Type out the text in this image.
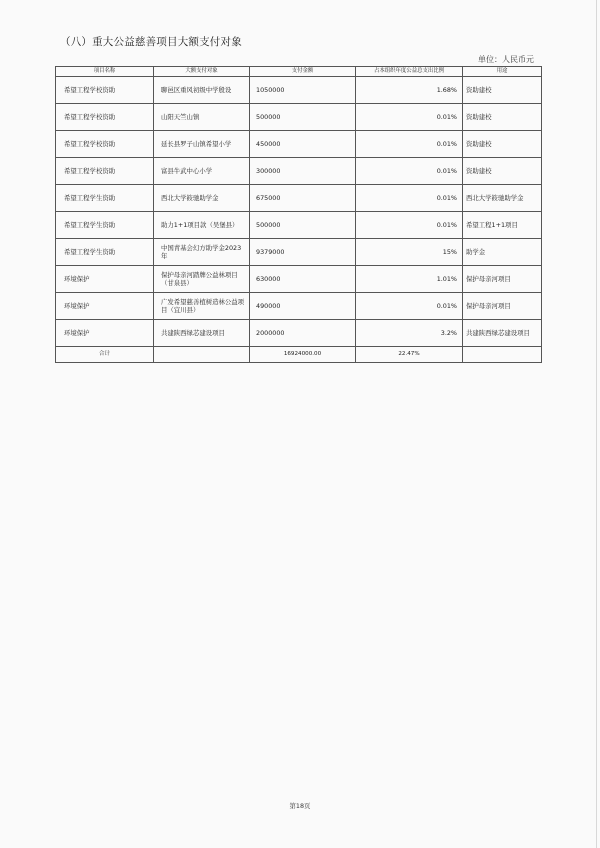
（八）重大公益慈善项目大额支付对象
单位：人民币元
项目名称	大额支付对象	支付金额	占本组织年度公益总支出比例	用途
希望工程学校资助	聊邑区重风初级中学殷设	1050000	1.68%	资助建校
希望工程学校资助	山阳天竺山镇	500000	0.01%	资助建校
希望工程学校资助	延长县罗子山镇希望小学	450000	0.01%	资助建校
希望工程学校资助	富县牛武中心小学	300000	0.01%	资助建校
希望工程学生资助	西北大学筱驰助学金	675000	0.01%	西北大学筱驰助学金
希望工程学生资助	助力1+1项目款（吴堡县）	500000	0.01%	希望工程1+1项目
希望工程学生资助	中国青基会幻方助学金2023年	9379000	15%	助学金
环境保护	保护母亲河踏牌公益林项目（甘泉县）	630000	1.01%	保护母亲河项目
环境保护	广发希望慈善植树造林公益项目（宜川县）	490000	0.01%	保护母亲河项目
环境保护	共建陕西绿芯建设项目	2000000	3.2%	共建陕西绿芯建设项目
合计		16924000.00	22.47%	
第18页
